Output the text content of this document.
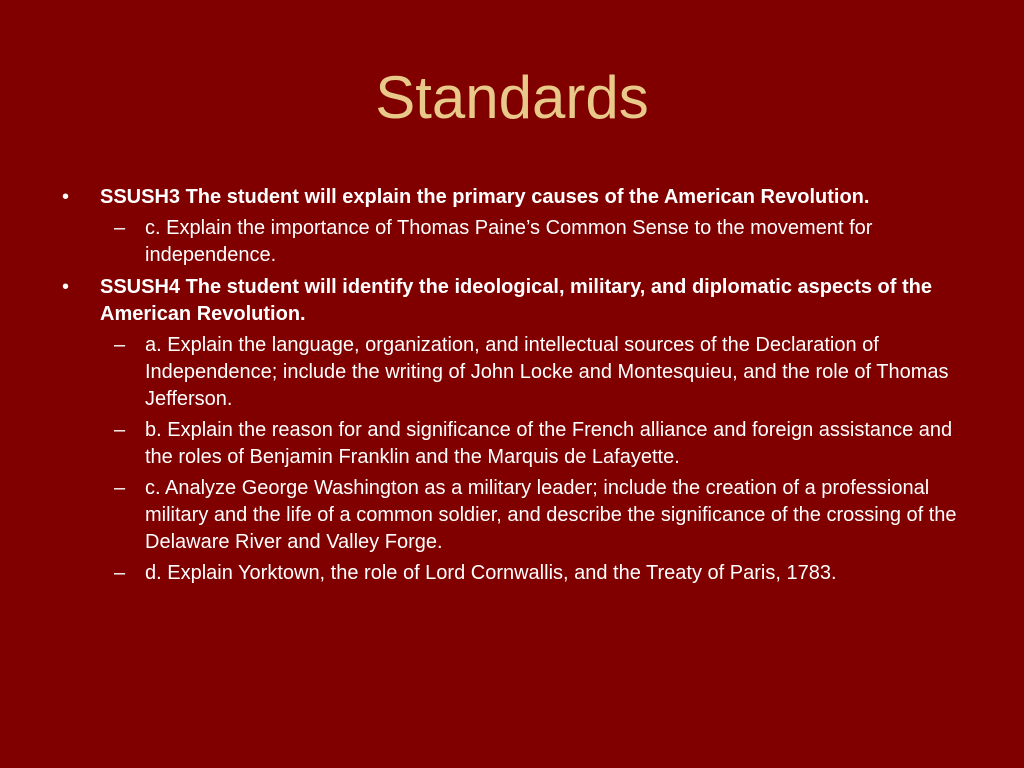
Standards
• SSUSH3 The student will explain the primary causes of the American Revolution.
– c. Explain the importance of Thomas Paine’s Common Sense to the movement for independence.
• SSUSH4 The student will identify the ideological, military, and diplomatic aspects of the American Revolution.
– a. Explain the language, organization, and intellectual sources of the Declaration of Independence; include the writing of John Locke and Montesquieu, and the role of Thomas Jefferson.
– b. Explain the reason for and significance of the French alliance and foreign assistance and the roles of Benjamin Franklin and the Marquis de Lafayette.
– c. Analyze George Washington as a military leader; include the creation of a professional military and the life of a common soldier, and describe the significance of the crossing of the Delaware River and Valley Forge.
– d. Explain Yorktown, the role of Lord Cornwallis, and the Treaty of Paris, 1783.
